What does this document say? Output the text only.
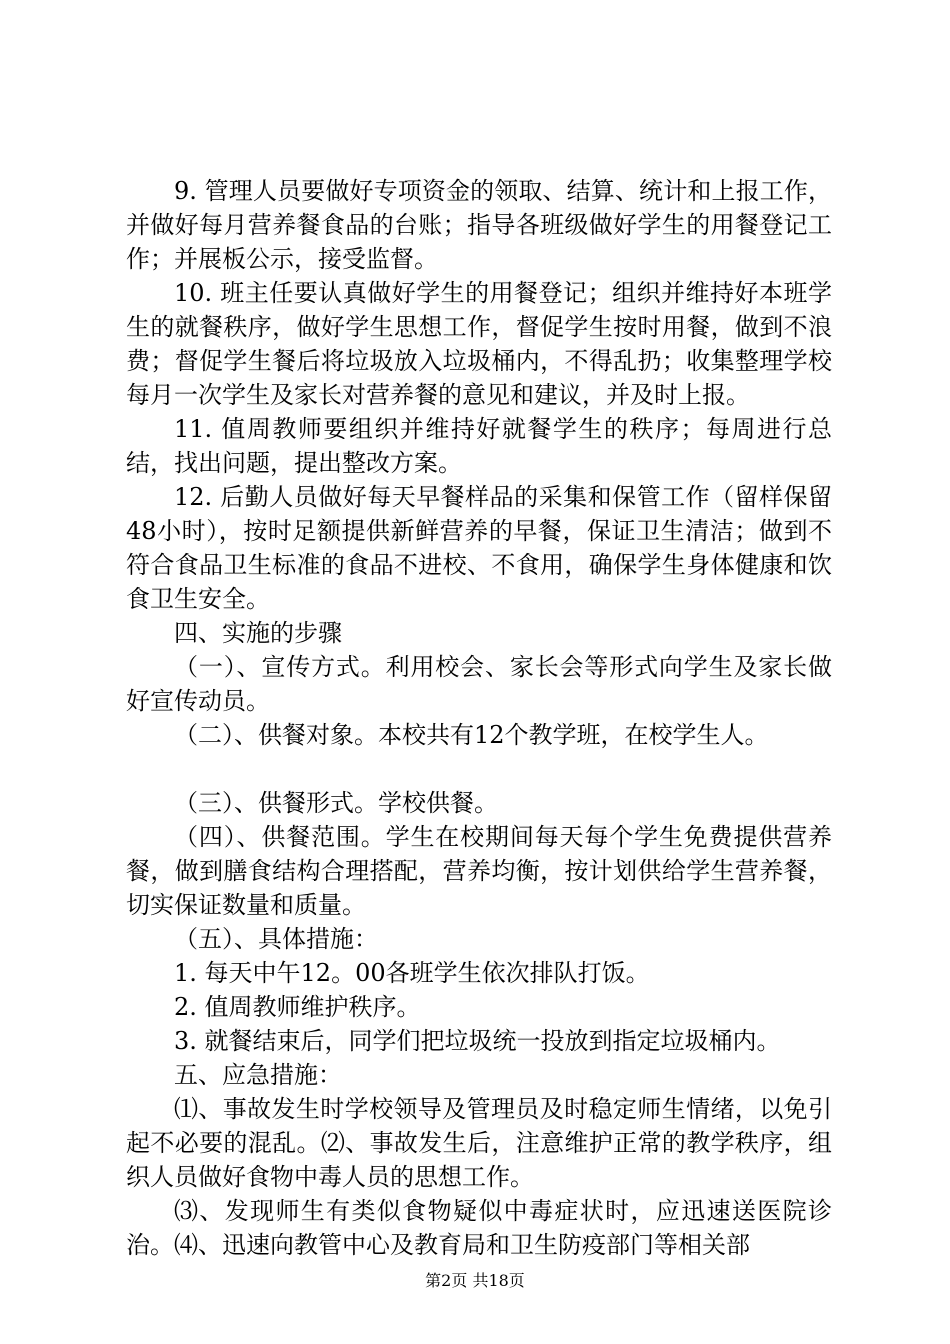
9. 管理人员要做好专项资金的领取、结算、统计和上报工作，并做好每月营养餐食品的台账；指导各班级做好学生的用餐登记工作；并展板公示，接受监督。

10. 班主任要认真做好学生的用餐登记；组织并维持好本班学生的就餐秩序，做好学生思想工作，督促学生按时用餐，做到不浪费；督促学生餐后将垃圾放入垃圾桶内，不得乱扔；收集整理学校每月一次学生及家长对营养餐的意见和建议，并及时上报。

11. 值周教师要组织并维持好就餐学生的秩序；每周进行总结，找出问题，提出整改方案。

12. 后勤人员做好每天早餐样品的采集和保管工作（留样保留48小时），按时足额提供新鲜营养的早餐，保证卫生清洁；做到不符合食品卫生标准的食品不进校、不食用，确保学生身体健康和饮食卫生安全。

四、实施的步骤

（一）、宣传方式。利用校会、家长会等形式向学生及家长做好宣传动员。

（二）、供餐对象。本校共有12个教学班，在校学生人。

（三）、供餐形式。学校供餐。

（四）、供餐范围。学生在校期间每天每个学生免费提供营养餐，做到膳食结构合理搭配，营养均衡，按计划供给学生营养餐，切实保证数量和质量。

（五）、具体措施：

1. 每天中午12。00各班学生依次排队打饭。

2. 值周教师维护秩序。

3. 就餐结束后，同学们把垃圾统一投放到指定垃圾桶内。

五、应急措施：

⑴、事故发生时学校领导及管理员及时稳定师生情绪，以免引起不必要的混乱。⑵、事故发生后，注意维护正常的教学秩序，组织人员做好食物中毒人员的思想工作。

⑶、发现师生有类似食物疑似中毒症状时，应迅速送医院诊治。⑷、迅速向教管中心及教育局和卫生防疫部门等相关部

第2页 共18页
